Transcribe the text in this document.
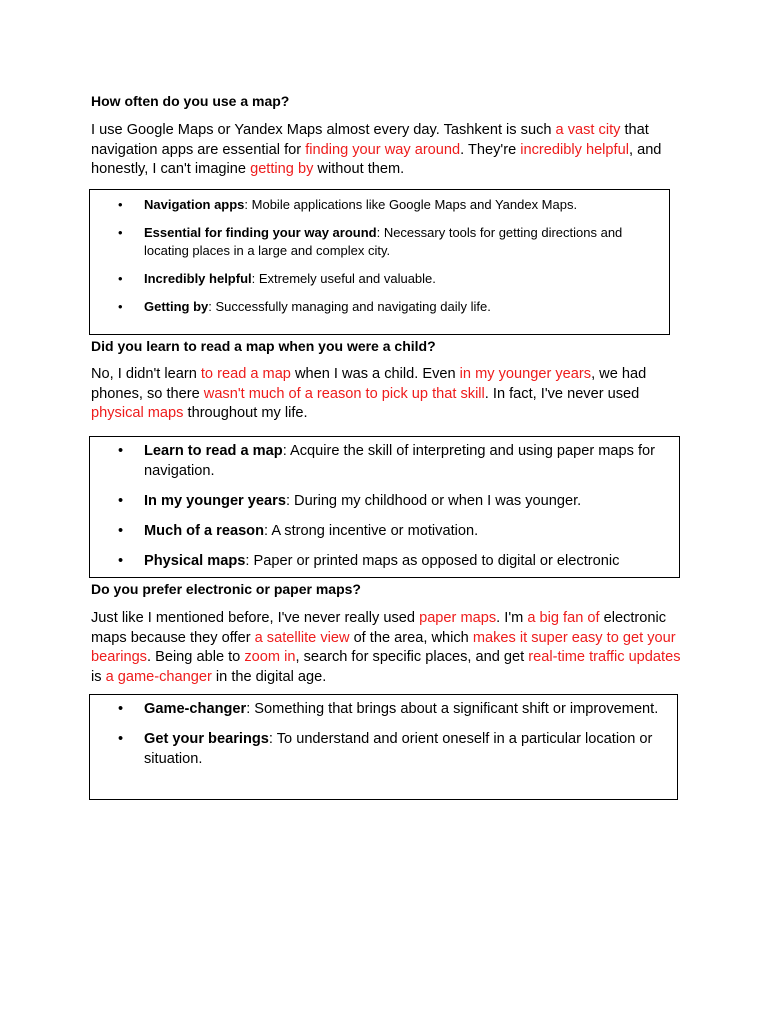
How often do you use a map?

I use Google Maps or Yandex Maps almost every day. Tashkent is such a vast city that navigation apps are essential for finding your way around. They're incredibly helpful, and honestly, I can't imagine getting by without them.

• Navigation apps: Mobile applications like Google Maps and Yandex Maps.
• Essential for finding your way around: Necessary tools for getting directions and locating places in a large and complex city.
• Incredibly helpful: Extremely useful and valuable.
• Getting by: Successfully managing and navigating daily life.
Did you learn to read a map when you were a child?

No, I didn't learn to read a map when I was a child. Even in my younger years, we had phones, so there wasn't much of a reason to pick up that skill. In fact, I've never used physical maps throughout my life.

• Learn to read a map: Acquire the skill of interpreting and using paper maps for navigation.
• In my younger years: During my childhood or when I was younger.
• Much of a reason: A strong incentive or motivation.
• Physical maps: Paper or printed maps as opposed to digital or electronic
Do you prefer electronic or paper maps?

Just like I mentioned before, I've never really used paper maps. I'm a big fan of electronic maps because they offer a satellite view of the area, which makes it super easy to get your bearings. Being able to zoom in, search for specific places, and get real-time traffic updates is a game-changer in the digital age.

• Game-changer: Something that brings about a significant shift or improvement.
• Get your bearings: To understand and orient oneself in a particular location or situation.
